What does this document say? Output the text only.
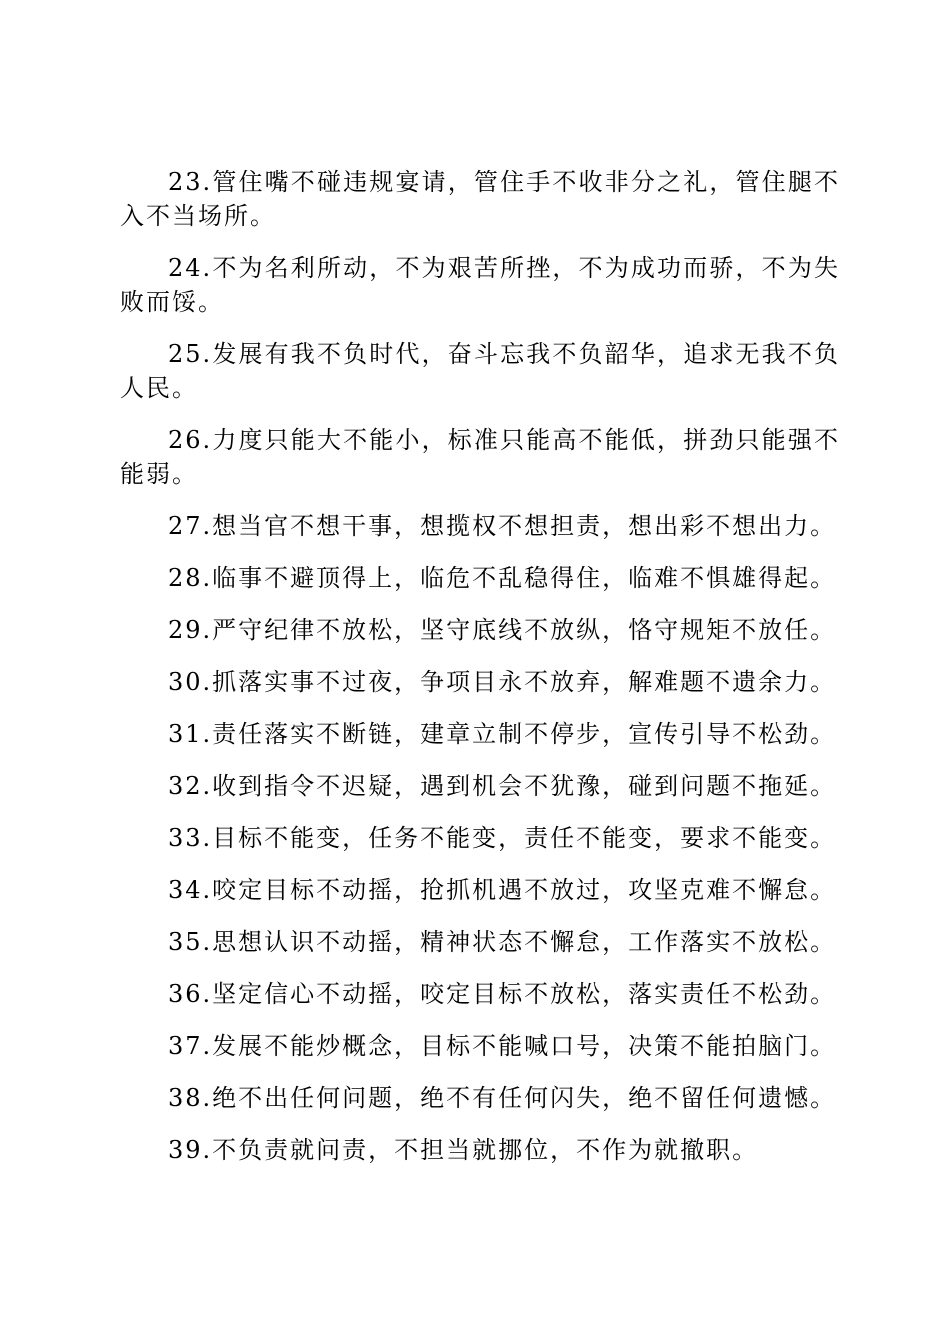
23.管住嘴不碰违规宴请，管住手不收非分之礼，管住腿不入不当场所。

24.不为名利所动，不为艰苦所挫，不为成功而骄，不为失败而馁。

25.发展有我不负时代，奋斗忘我不负韶华，追求无我不负人民。

26.力度只能大不能小，标准只能高不能低，拼劲只能强不能弱。

27.想当官不想干事，想揽权不想担责，想出彩不想出力。

28.临事不避顶得上，临危不乱稳得住，临难不惧雄得起。

29.严守纪律不放松，坚守底线不放纵，恪守规矩不放任。

30.抓落实事不过夜，争项目永不放弃，解难题不遗余力。

31.责任落实不断链，建章立制不停步，宣传引导不松劲。

32.收到指令不迟疑，遇到机会不犹豫，碰到问题不拖延。

33.目标不能变，任务不能变，责任不能变，要求不能变。

34.咬定目标不动摇，抢抓机遇不放过，攻坚克难不懈怠。

35.思想认识不动摇，精神状态不懈怠，工作落实不放松。

36.坚定信心不动摇，咬定目标不放松，落实责任不松劲。

37.发展不能炒概念，目标不能喊口号，决策不能拍脑门。

38.绝不出任何问题，绝不有任何闪失，绝不留任何遗憾。

39.不负责就问责，不担当就挪位，不作为就撤职。
